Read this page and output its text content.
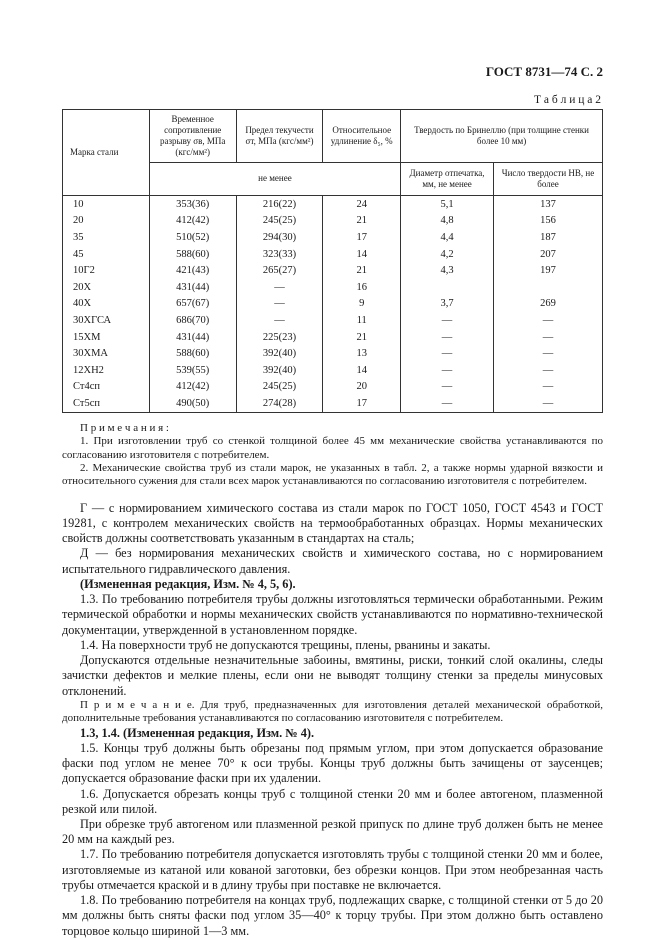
ГОСТ 8731—74 С. 2

Т а б л и ц а 2

Марка стали	Временное сопротивление разрыву σв, МПа (кгс/мм²)	Предел текучести σт, МПа (кгс/мм²)	Относительное удлинение δ₅, %	Твердость по Бринеллю (при толщине стенки более 10 мм)	
	не менее			Диаметр отпечатка, мм, не менее	Число твердости НВ, не более
10	353(36)	216(22)	24	5,1	137
20	412(42)	245(25)	21	4,8	156
35	510(52)	294(30)	17	4,4	187
45	588(60)	323(33)	14	4,2	207
10Г2	421(43)	265(27)	21	4,3	197
20Х	431(44)	—	16		
40Х	657(67)	—	9	3,7	269
30ХГСА	686(70)	—	11	—	—
15ХМ	431(44)	225(23)	21	—	—
30ХМА	588(60)	392(40)	13	—	—
12ХН2	539(55)	392(40)	14	—	—
Ст4сп	412(42)	245(25)	20	—	—
Ст5сп	490(50)	274(28)	17	—	—

П р и м е ч а н и я :

1. При изготовлении труб со стенкой толщиной более 45 мм механические свойства устанавливаются по согласованию изготовителя с потребителем.

2. Механические свойства труб из стали марок, не указанных в табл. 2, а также нормы ударной вязкости и относительного сужения для стали всех марок устанавливаются по согласованию изготовителя с потребителем.

Г — с нормированием химического состава из стали марок по ГОСТ 1050, ГОСТ 4543 и ГОСТ 19281, с контролем механических свойств на термообработанных образцах. Нормы механических свойств должны соответствовать указанным в стандартах на сталь;

Д — без нормирования механических свойств и химического состава, но с нормированием испытательного гидравлического давления.

(Измененная редакция, Изм. № 4, 5, 6).

1.3. По требованию потребителя трубы должны изготовляться термически обработанными. Режим термической обработки и нормы механических свойств устанавливаются по нормативно-технической документации, утвержденной в установленном порядке.

1.4. На поверхности труб не допускаются трещины, плены, рванины и закаты.

Допускаются отдельные незначительные забоины, вмятины, риски, тонкий слой окалины, следы зачистки дефектов и мелкие плены, если они не выводят толщину стенки за пределы минусовых отклонений.

П р и м е ч а н и е. Для труб, предназначенных для изготовления деталей механической обработкой, дополнительные требования устанавливаются по согласованию изготовителя с потребителем.

1.3, 1.4. (Измененная редакция, Изм. № 4).

1.5. Концы труб должны быть обрезаны под прямым углом, при этом допускается образование фаски под углом не менее 70° к оси трубы. Концы труб должны быть зачищены от заусенцев; допускается образование фаски при их удалении.

1.6. Допускается обрезать концы труб с толщиной стенки 20 мм и более автогеном, плазменной резкой или пилой.

При обрезке труб автогеном или плазменной резкой припуск по длине труб должен быть не менее 20 мм на каждый рез.

1.7. По требованию потребителя допускается изготовлять трубы с толщиной стенки 20 мм и более, изготовляемые из катаной или кованой заготовки, без обрезки концов. При этом необрезанная часть трубы отмечается краской и в длину трубы при поставке не включается.

1.8. По требованию потребителя на концах труб, подлежащих сварке, с толщиной стенки от 5 до 20 мм должны быть сняты фаски под углом 35—40° к торцу трубы. При этом должно быть оставлено торцовое кольцо шириной 1—3 мм.
